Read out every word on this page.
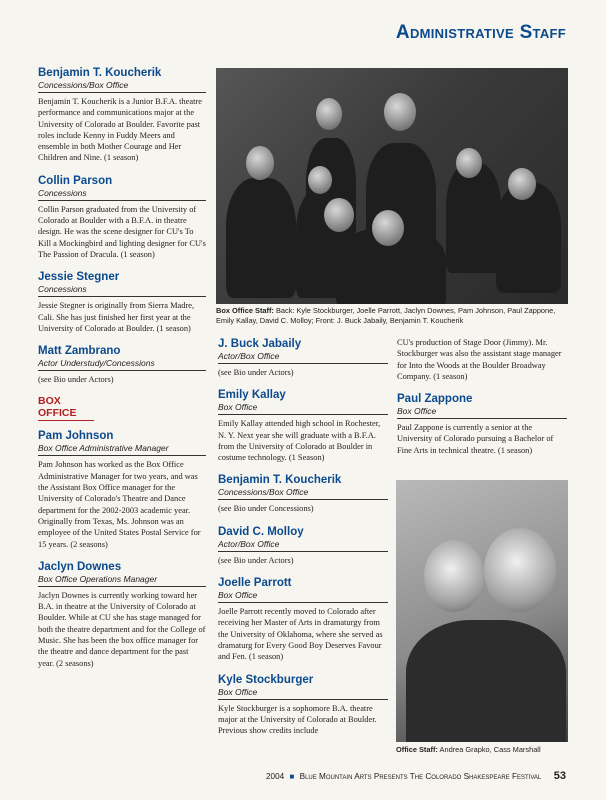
Administrative Staff
Benjamin T. Koucherik
Concessions/Box Office
Benjamin T. Koucherik is a Junior B.F.A. theatre performance and communications major at the University of Colorado at Boulder. Favorite past roles include Kenny in Fuddy Meers and ensemble in both Mother Courage and Her Children and Nine. (1 season)
Collin Parson
Concessions
Collin Parson graduated from the University of Colorado at Boulder with a B.F.A. in theatre design. He was the scene designer for CU's To Kill a Mockingbird and lighting designer for CU's The Passion of Dracula. (1 season)
Jessie Stegner
Concessions
Jessie Stegner is originally from Sierra Madre, Cali. She has just finished her first year at the University of Colorado at Boulder. (1 season)
Matt Zambrano
Actor Understudy/Concessions
(see Bio under Actors)
BOX OFFICE
Pam Johnson
Box Office Administrative Manager
Pam Johnson has worked as the Box Office Administrative Manager for two years, and was the Assistant Box Office manager for the University of Colorado's Theatre and Dance department for the 2002-2003 academic year. Originally from Texas, Ms. Johnson was an employee of the United States Postal Service for 15 years. (2 seasons)
Jaclyn Downes
Box Office Operations Manager
Jaclyn Downes is currently working toward her B.A. in theatre at the University of Colorado at Boulder. While at CU she has stage managed for both the theatre department and for the College of Music. She has been the box office manager for the theatre and dance department for the past year. (2 seasons)
Box Office Staff: Back: Kyle Stockburger, Joelle Parrott, Jaclyn Downes, Pam Johnson, Paul Zappone, Emily Kallay, David C. Molloy; Front: J. Buck Jabaily, Benjamin T. Koucherik
J. Buck Jabaily
Actor/Box Office
(see Bio under Actors)
Emily Kallay
Box Office
Emily Kallay attended high school in Rochester, N. Y. Next year she will graduate with a B.F.A. from the University of Colorado at Boulder in costume technology. (1 Season)
Benjamin T. Koucherik
Concessions/Box Office
(see Bio under Concessions)
David C. Molloy
Actor/Box Office
(see Bio under Actors)
Joelle Parrott
Box Office
Joelle Parrott recently moved to Colorado after receiving her Master of Arts in dramaturgy from the University of Oklahoma, where she served as dramaturg for Every Good Boy Deserves Favour and Fen. (1 season)
Kyle Stockburger
Box Office
Kyle Stockburger is a sophomore B.A. theatre major at the University of Colorado at Boulder. Previous show credits include
CU's production of Stage Door (Jimmy). Mr. Stockburger was also the assistant stage manager for Into the Woods at the Boulder Broadway Company. (1 season)
Paul Zappone
Box Office
Paul Zappone is currently a senior at the University of Colorado pursuing a Bachelor of Fine Arts in technical theatre. (1 season)
Office Staff: Andrea Grapko, Cass Marshall
2004 ■ Blue Mountain Arts Presents The Colorado Shakespeare Festival 53
